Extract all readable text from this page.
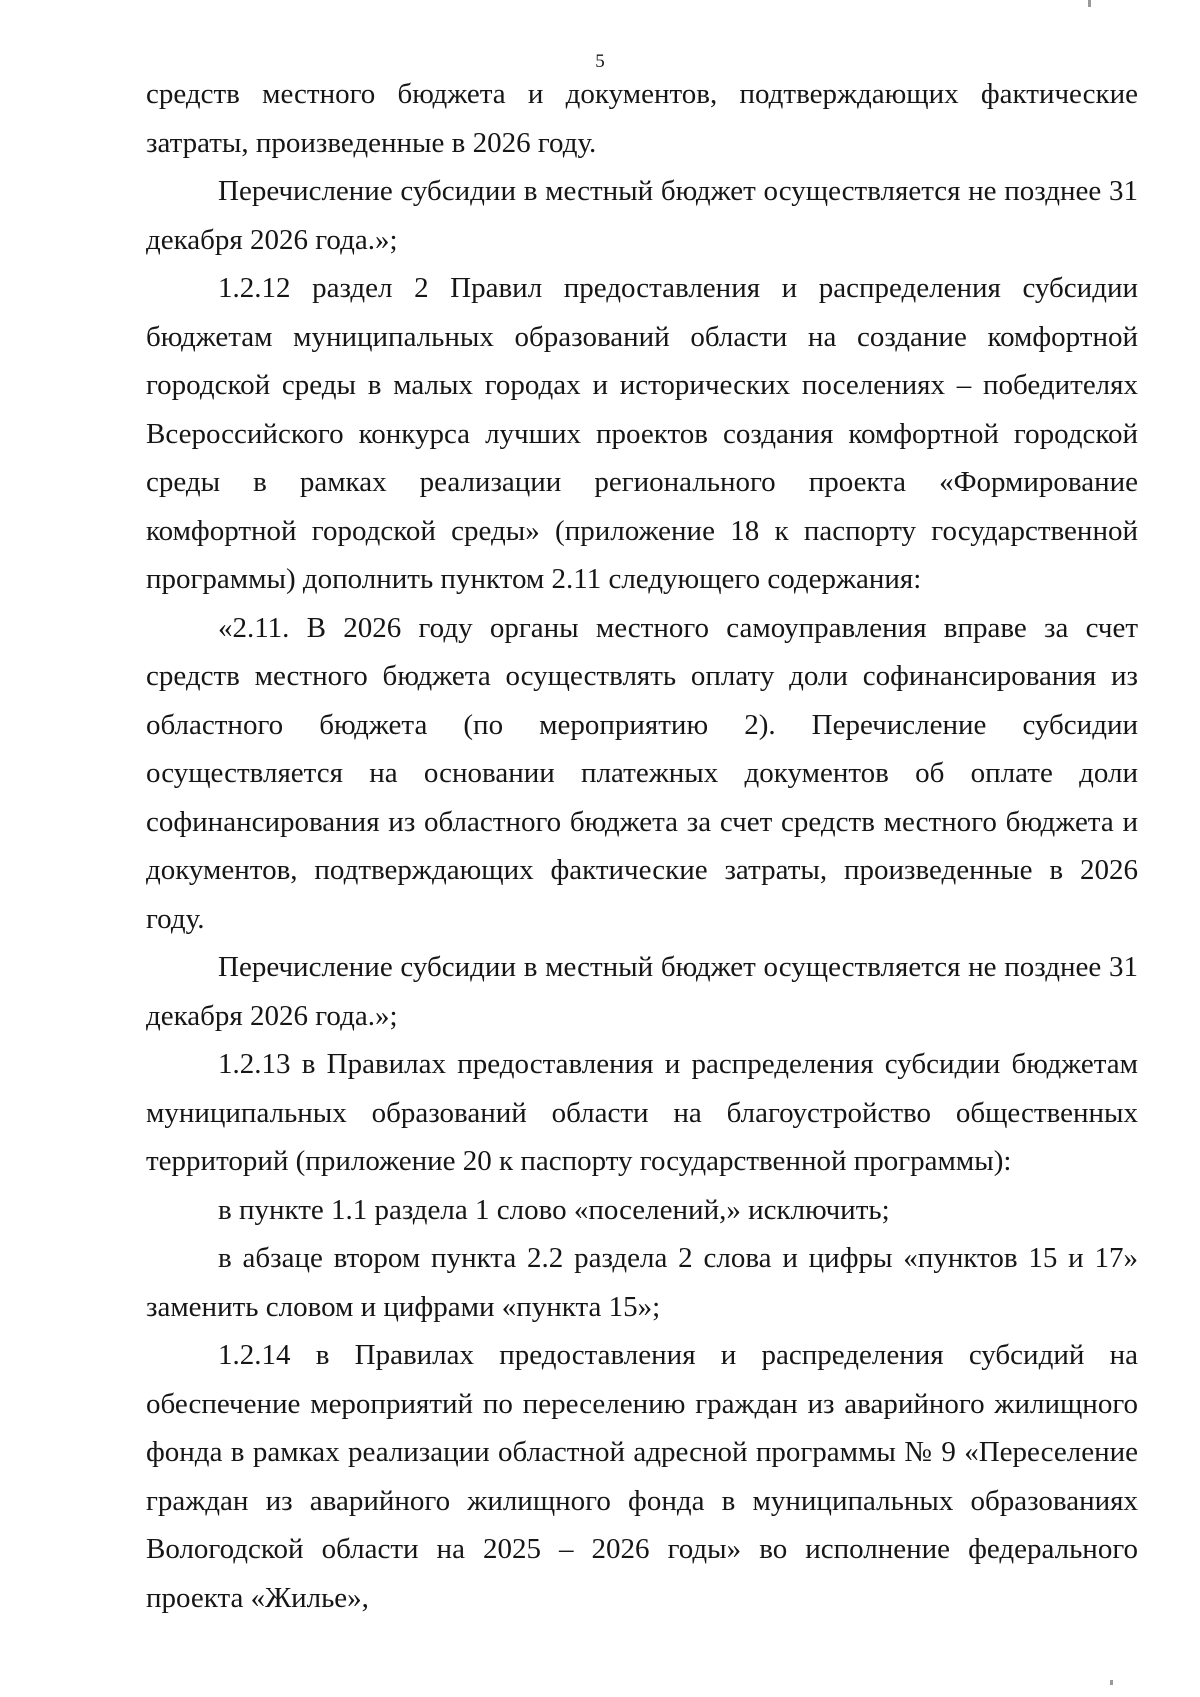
5

средств местного бюджета и документов, подтверждающих фактические затраты, произведенные в 2026 году.

Перечисление субсидии в местный бюджет осуществляется не позднее 31 декабря 2026 года.»;

1.2.12 раздел 2 Правил предоставления и распределения субсидии бюджетам муниципальных образований области на создание комфортной городской среды в малых городах и исторических поселениях – победителях Всероссийского конкурса лучших проектов создания комфортной городской среды в рамках реализации регионального проекта «Формирование комфортной городской среды» (приложение 18 к паспорту государственной программы) дополнить пунктом 2.11 следующего содержания:

«2.11. В 2026 году органы местного самоуправления вправе за счет средств местного бюджета осуществлять оплату доли софинансирования из областного бюджета (по мероприятию 2). Перечисление субсидии осуществляется на основании платежных документов об оплате доли софинансирования из областного бюджета за счет средств местного бюджета и документов, подтверждающих фактические затраты, произведенные в 2026 году.

Перечисление субсидии в местный бюджет осуществляется не позднее 31 декабря 2026 года.»;

1.2.13 в Правилах предоставления и распределения субсидии бюджетам муниципальных образований области на благоустройство общественных территорий (приложение 20 к паспорту государственной программы):

в пункте 1.1 раздела 1 слово «поселений,» исключить;

в абзаце втором пункта 2.2 раздела 2 слова и цифры «пунктов 15 и 17» заменить словом и цифрами «пункта 15»;

1.2.14 в Правилах предоставления и распределения субсидий на обеспечение мероприятий по переселению граждан из аварийного жилищного фонда в рамках реализации областной адресной программы № 9 «Переселение граждан из аварийного жилищного фонда в муниципальных образованиях Вологодской области на 2025 – 2026 годы» во исполнение федерального проекта «Жилье»,
